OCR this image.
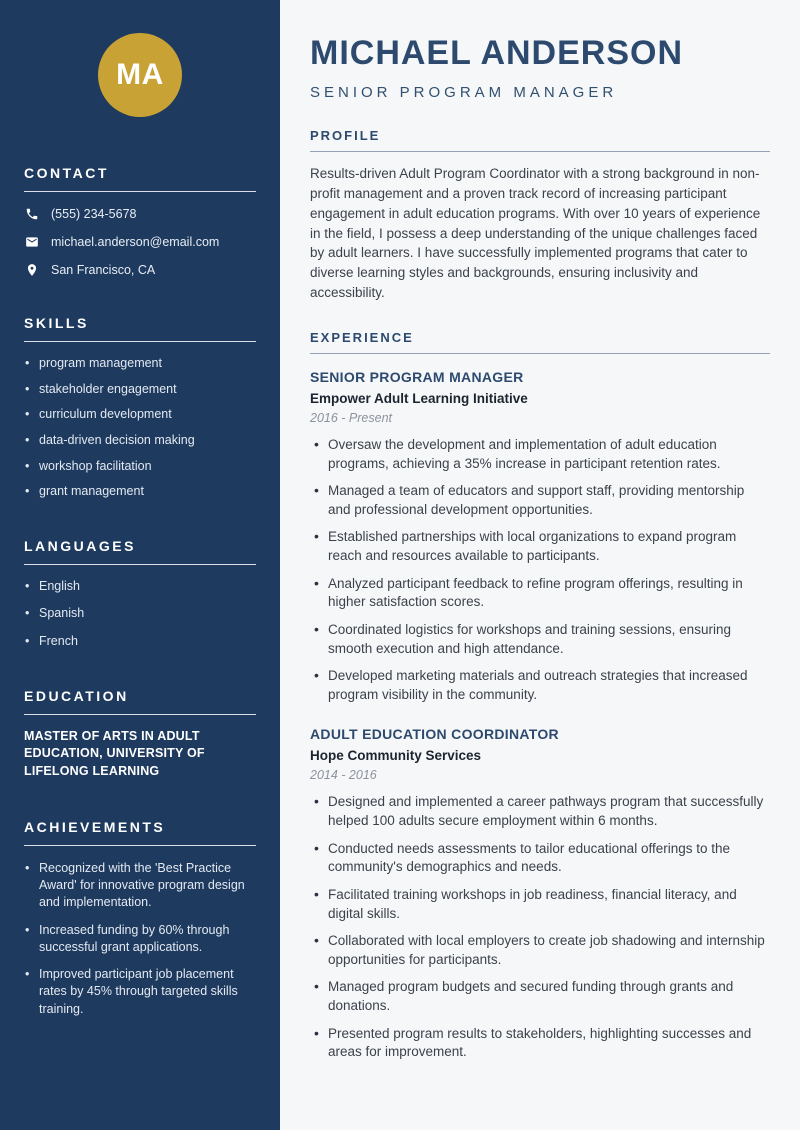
MA
CONTACT
(555) 234-5678
michael.anderson@email.com
San Francisco, CA
SKILLS
• program management
• stakeholder engagement
• curriculum development
• data-driven decision making
• workshop facilitation
• grant management
LANGUAGES
• English
• Spanish
• French
EDUCATION
MASTER OF ARTS IN ADULT EDUCATION, UNIVERSITY OF LIFELONG LEARNING
ACHIEVEMENTS
• Recognized with the 'Best Practice Award' for innovative program design and implementation.
• Increased funding by 60% through successful grant applications.
• Improved participant job placement rates by 45% through targeted skills training.
MICHAEL ANDERSON
SENIOR PROGRAM MANAGER
PROFILE

Results-driven Adult Program Coordinator with a strong background in non-profit management and a proven track record of increasing participant engagement in adult education programs. With over 10 years of experience in the field, I possess a deep understanding of the unique challenges faced by adult learners. I have successfully implemented programs that cater to diverse learning styles and backgrounds, ensuring inclusivity and accessibility.

EXPERIENCE
SENIOR PROGRAM MANAGER
Empower Adult Learning Initiative
2016 - Present
• Oversaw the development and implementation of adult education programs, achieving a 35% increase in participant retention rates.
• Managed a team of educators and support staff, providing mentorship and professional development opportunities.
• Established partnerships with local organizations to expand program reach and resources available to participants.
• Analyzed participant feedback to refine program offerings, resulting in higher satisfaction scores.
• Coordinated logistics for workshops and training sessions, ensuring smooth execution and high attendance.
• Developed marketing materials and outreach strategies that increased program visibility in the community.
ADULT EDUCATION COORDINATOR
Hope Community Services
2014 - 2016
• Designed and implemented a career pathways program that successfully helped 100 adults secure employment within 6 months.
• Conducted needs assessments to tailor educational offerings to the community's demographics and needs.
• Facilitated training workshops in job readiness, financial literacy, and digital skills.
• Collaborated with local employers to create job shadowing and internship opportunities for participants.
• Managed program budgets and secured funding through grants and donations.
• Presented program results to stakeholders, highlighting successes and areas for improvement.
